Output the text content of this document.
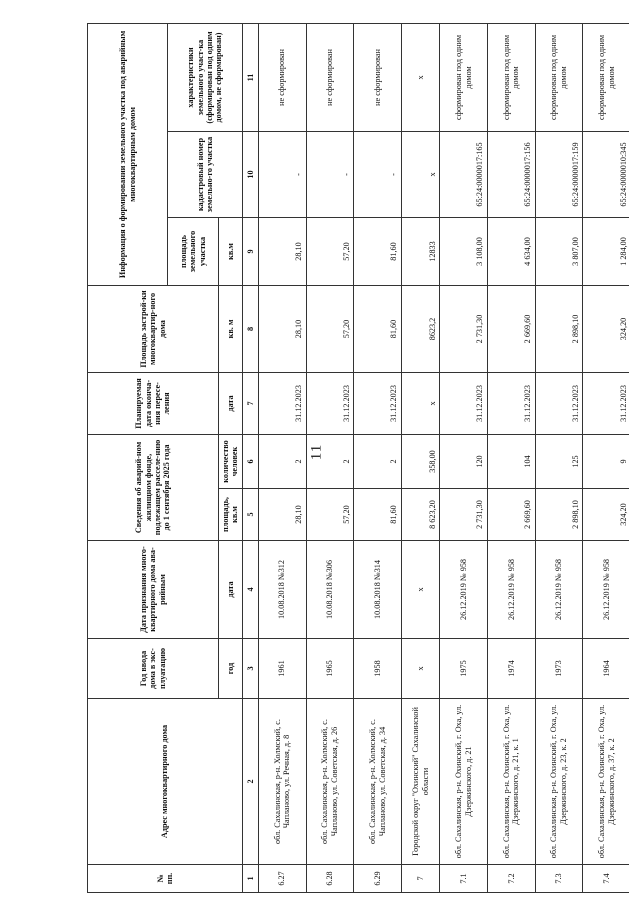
11
№ пп.	Адрес многоквартирного дома	Год ввода дома в экс-плуатацию	Дата признания много-квартирного дома ава-рийным	Сведения об аварий-ном жилищном фонде, подлежащем расселе-нию до 1 сентября 2025 года		Планируемая дата оконча-ния пересе-ления	Площадь застрой-ки многоквартир-ного дома	Информация о формировании земельного участка под аварийным многоквартирным домом		
								площадь земельного участка	кадастровый номер земельно-го участка	характеристики земельного участ-ка (сформирован под одним домом, не сформирован)
		год	дата	площадь, кв.м	количество человек	дата	кв. м	кв.м		
1	2	3	4	5	6	7	8	9	10	11
6.27	обл. Сахалинская, р-н. Холмский, с. Чапланово, ул. Речная, д. 8	1961	10.08.2018 №312	28,10	2	31.12.2023	28,10	28,10	-	не сформирован
6.28	обл. Сахалинская, р-н. Холмский, с. Чапланово, ул. Советская, д. 26	1965	10.08.2018 №306	57,20	2	31.12.2023	57,20	57,20	-	не сформирован
6.29	обл. Сахалинская, р-н. Холмский, с. Чапланово, ул. Советская, д. 34	1958	10.08.2018 №314	81,60	2	31.12.2023	81,60	81,60	-	не сформирован
7	Городской округ "Охинский" Сахалинской области	x	x	8 623,20	358,00	x	8623,2	12833	x	x
7.1	обл. Сахалинская, р-н. Охинский, г. Оха, ул. Дзержинского, д. 21	1975	26.12.2019 № 958	2 731,30	120	31.12.2023	2 731,30	3 108,00	65:24:0000017:165	сформирован под одним домом
7.2	обл. Сахалинская, р-н. Охинский, г. Оха, ул. Дзержинского, д. 21, к. 1	1974	26.12.2019 № 958	2 669,60	104	31.12.2023	2 669,60	4 634,00	65:24:0000017:156	сформирован под одним домом
7.3	обл. Сахалинская, р-н. Охинский, г. Оха, ул. Дзержинского, д. 23, к. 2	1973	26.12.2019 № 958	2 898,10	125	31.12.2023	2 898,10	3 807,00	65:24:0000017:159	сформирован под одним домом
7.4	обл. Сахалинская, р-н. Охинский, г. Оха, ул. Дзержинского, д. 37, к. 2	1964	26.12.2019 № 958	324,20	9	31.12.2023	324,20	1 284,00	65:24:0000010:345	сформирован под одним домом
